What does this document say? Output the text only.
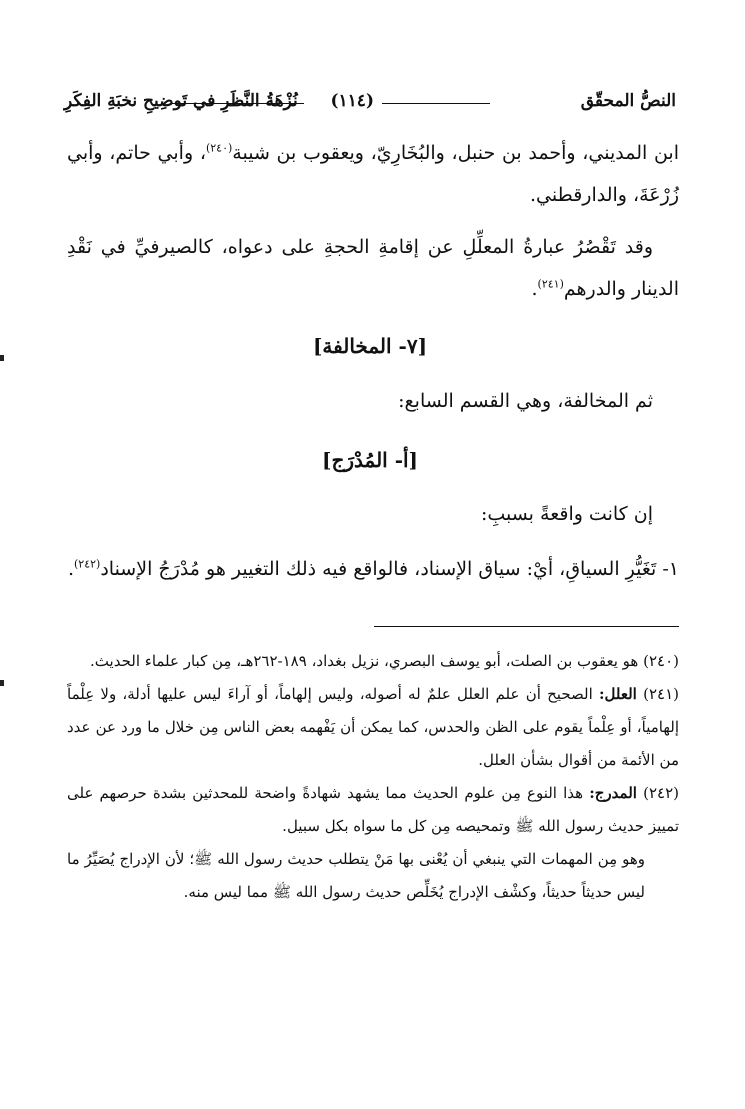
النصُّ المحقّق
(١١٤)
نُزْهَةُ النَّظَرِ في تَوضِيحِ نخبَةِ الفِكَرِ
ابن المديني، وأحمد بن حنبل، والبُخَارِيّ، ويعقوب بن شيبة$^{(٢٤٠)}$، وأبي حاتم، وأبي زُرْعَةَ، والدارقطني.
وقد تَقْصُرُ عبارةُ المعلِّلِ عن إقامةِ الحجةِ على دعواه، كالصيرفيِّ في نَقْدِ الدينار والدرهم$^{(٢٤١)}$.
[٧- المخالفة]
ثم المخالفة، وهي القسم السابع:
[أ- المُدْرَج]
إن كانت واقعةً بسببِ:
١- تَغَيُّرِ السياقِ، أيْ: سياق الإسناد، فالواقع فيه ذلك التغيير هو مُدْرَجُ الإسناد$^{(٢٤٢)}$.

(٢٤٠) هو يعقوب بن الصلت، أبو يوسف البصري، نزيل بغداد، ١٨٩-٢٦٢هـ، مِن كبار علماء الحديث.

(٢٤١) العلل: الصحيح أن علم العلل علمٌ له أصوله، وليس إلهاماً، أو آراءَ ليس عليها أدلة، ولا عِلْماً إلهامياً، أو عِلْماً يقوم على الظن والحدس، كما يمكن أن يَفْهمه بعض الناس مِن خلال ما ورد عن عدد من الأئمة من أقوال بشأن العلل.

(٢٤٢) المدرج: هذا النوع مِن علوم الحديث مما يشهد شهادةً واضحة للمحدثين بشدة حرصهم على تمييز حديث رسول الله ﷺ وتمحيصه مِن كل ما سواه بكل سبيل.

وهو مِن المهمات التي ينبغي أن يُعْنى بها مَنْ يتطلب حديث رسول الله ﷺ؛ لأن الإدراج يُصَيِّرُ ما ليس حديثاً حديثاً، وكشْف الإدراج يُخَلِّص حديث رسول الله ﷺ مما ليس منه.
